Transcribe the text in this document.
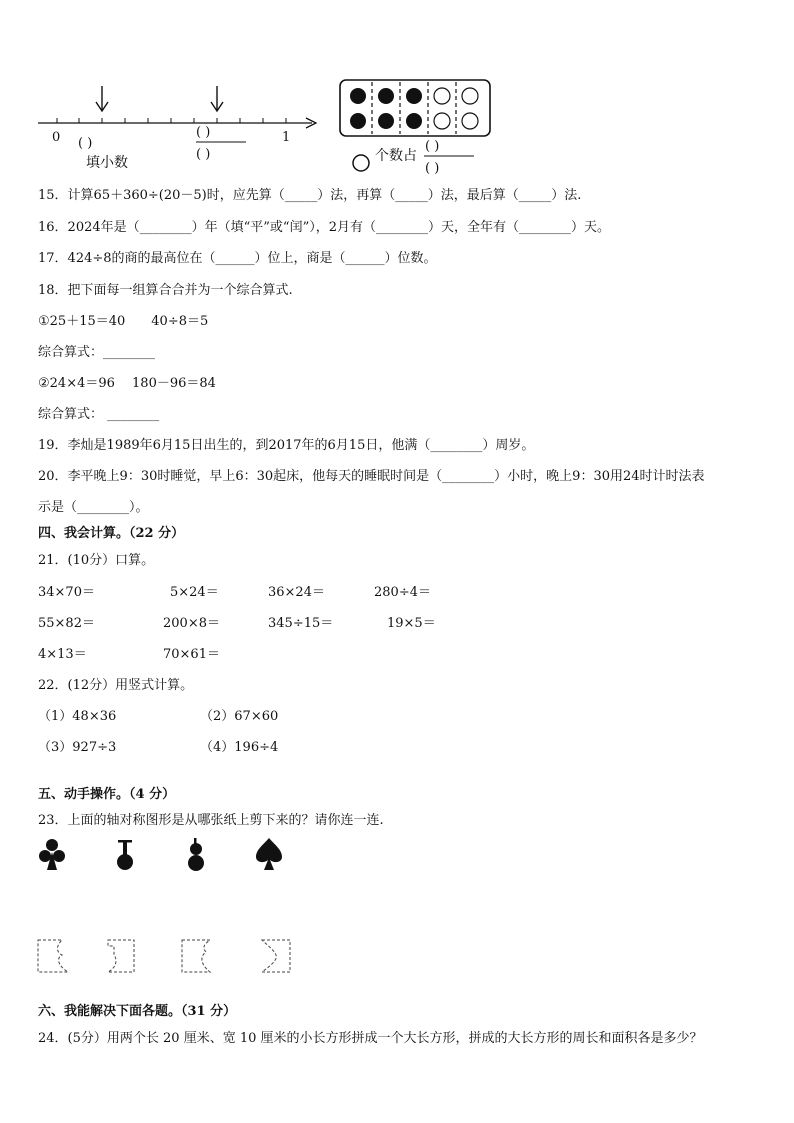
0	1
( )
( )
( )
填小数	个数占
( )
( )
15．计算65＋360÷(20－5)时，应先算（_____）法，再算（_____）法，最后算（_____）法.
16．2024年是（________）年（填“平”或“闰”），2月有（________）天，全年有（________）天。
17．424÷8的商的最高位在（______）位上，商是（______）位数。
18．把下面每一组算合合并为一个综合算式.
①25＋15＝40　　40÷8＝5
综合算式：________
②24×4＝96　 180－96＝84
综合算式： ________
19．李灿是1989年6月15日出生的，到2017年的6月15日，他满（________）周岁。
20．李平晚上9：30时睡觉，早上6：30起床，他每天的睡眠时间是（________）小时，晚上9：30用24时计时法表
示是（________）。
四、我会计算。（22 分）
21．(10分）口算。
34×70＝	5×24＝	36×24＝	280÷4＝
55×82＝	200×8＝	345÷15＝	19×5＝
4×13＝	70×61＝
22．(12分）用竖式计算。
（1）48×36	（2）67×60
（3）927÷3	（4）196÷4
五、动手操作。（4 分）
23．上面的轴对称图形是从哪张纸上剪下来的？请你连一连.
六、我能解决下面各题。（31 分）
24．(5分）用两个长 20 厘米、宽 10 厘米的小长方形拼成一个大长方形，拼成的大长方形的周长和面积各是多少？
